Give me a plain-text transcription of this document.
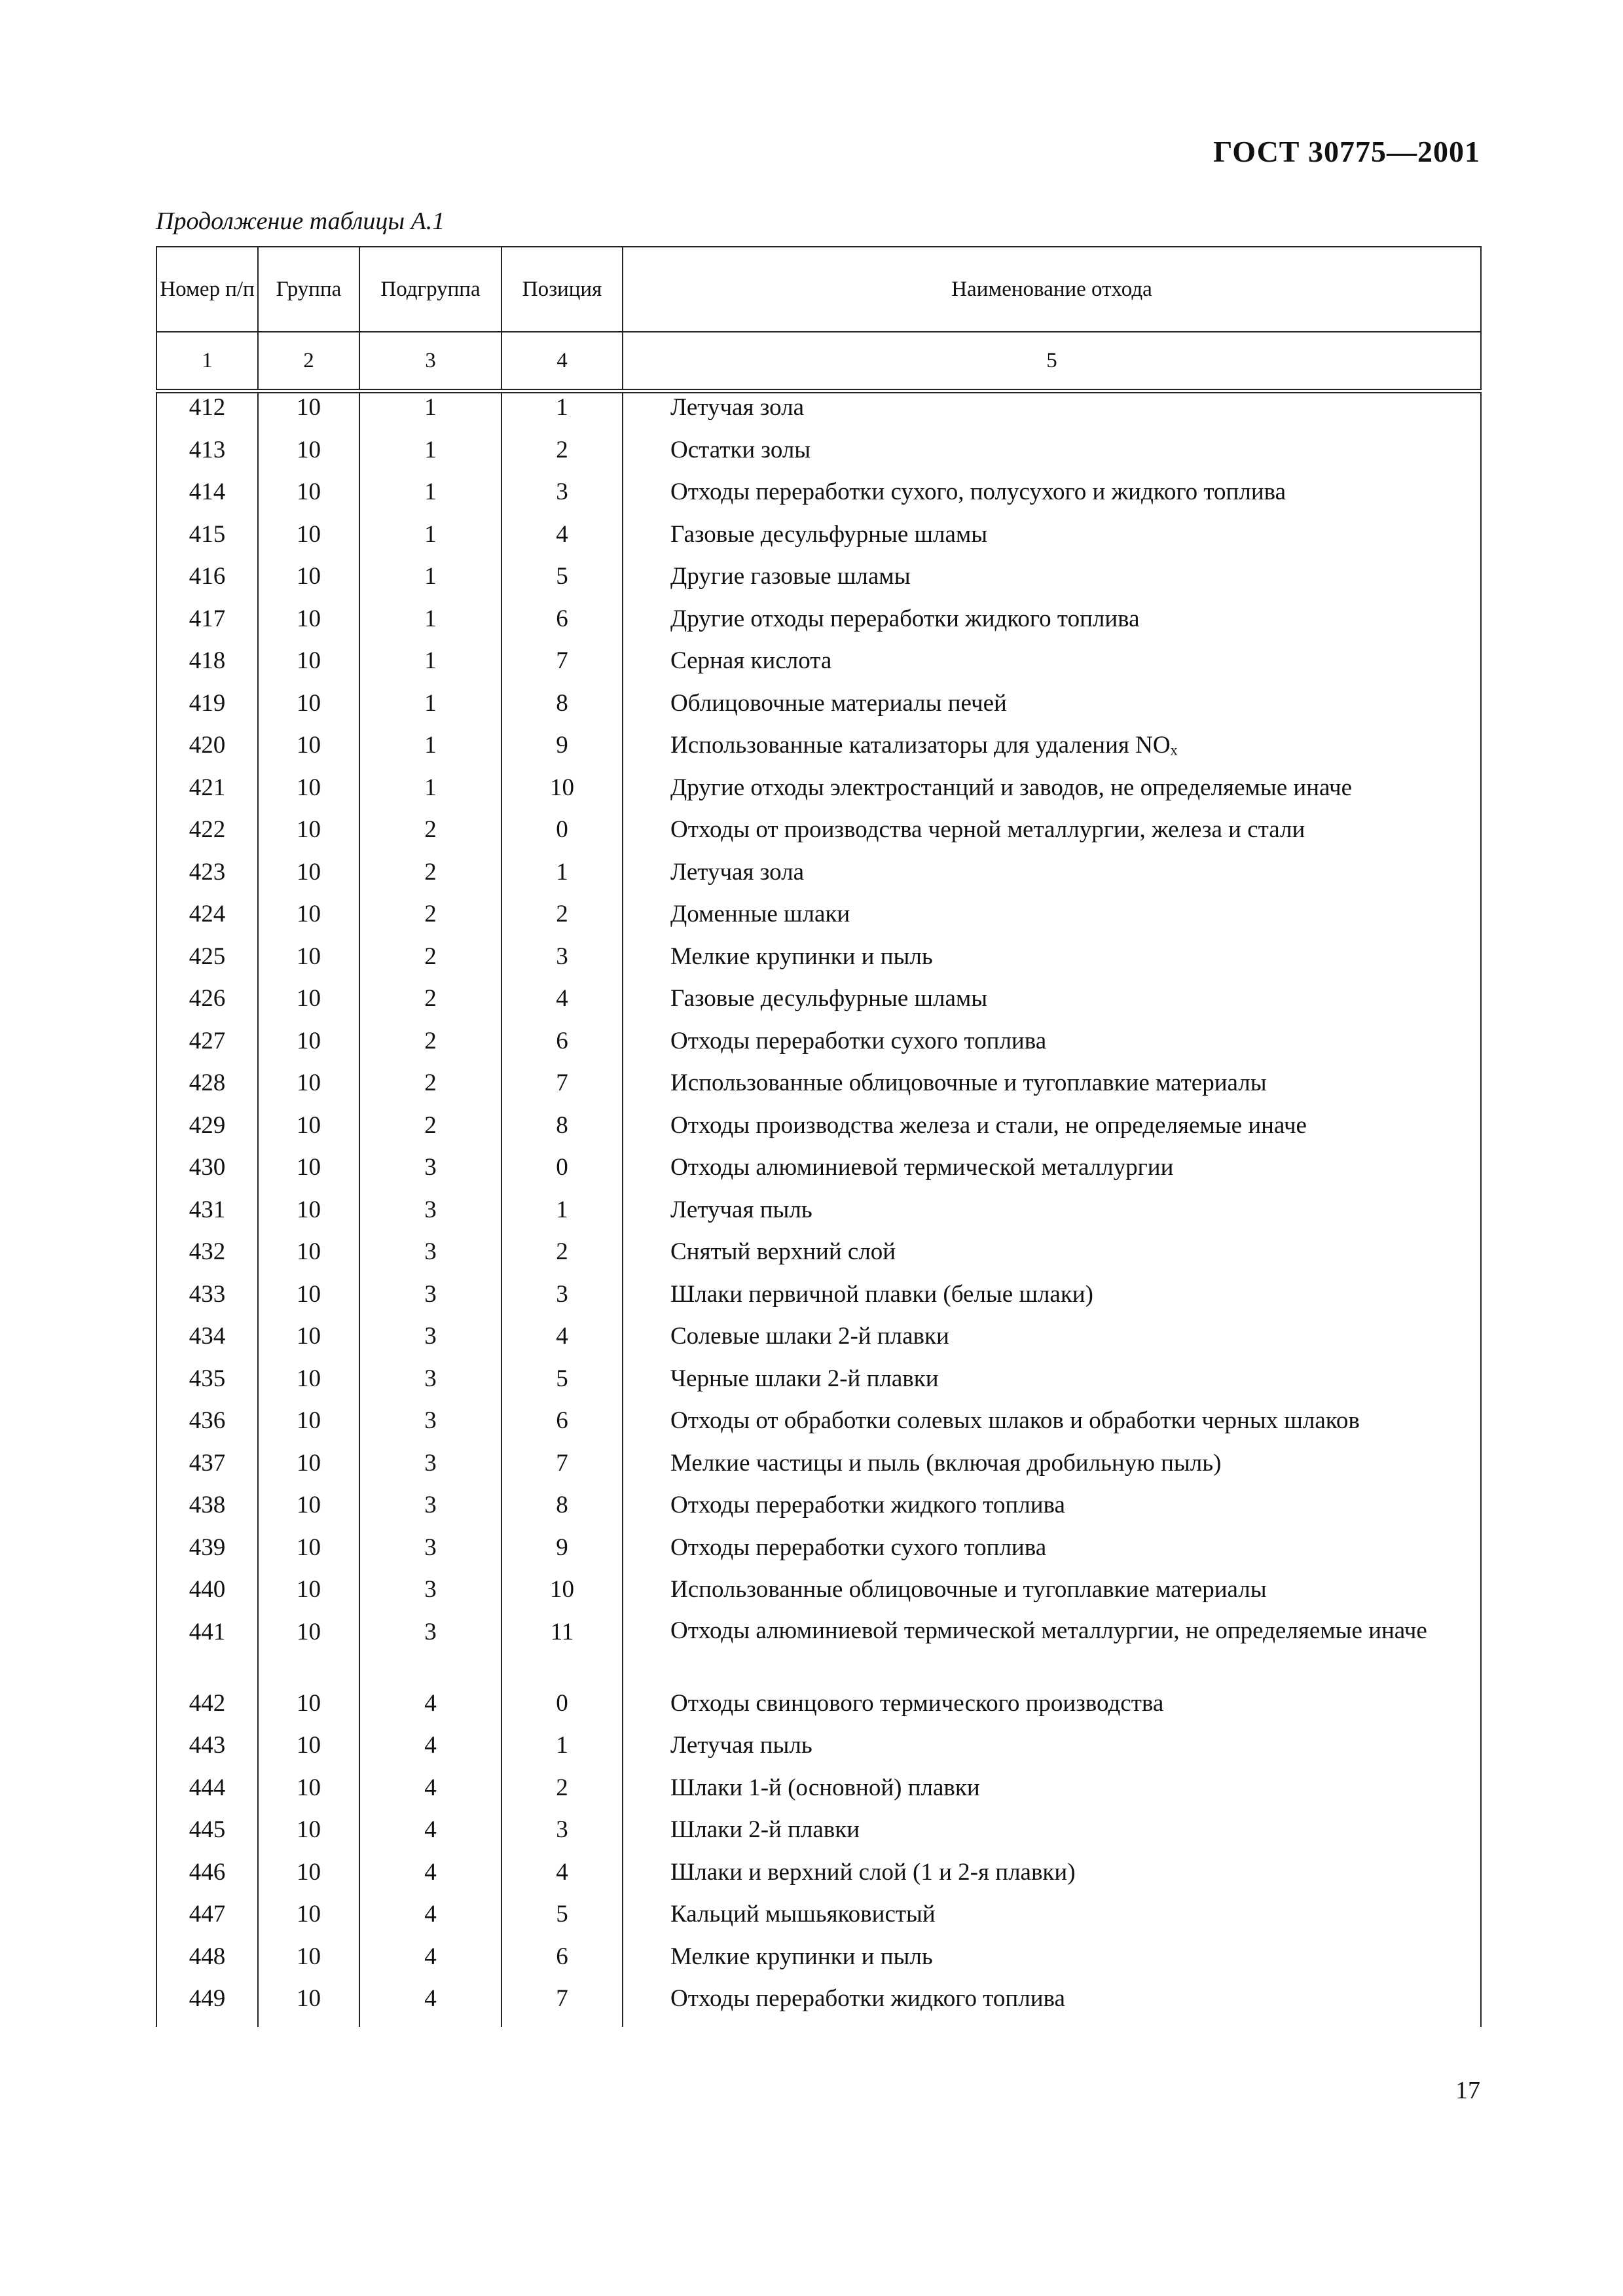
ГОСТ 30775—2001
Продолжение таблицы А.1
Номер п/п	Группа	Подгруппа	Позиция	Наименование отхода
1	2	3	4	5
412	10	1	1	Летучая зола
413	10	1	2	Остатки золы
414	10	1	3	Отходы переработки сухого, полусухого и жидкого топлива
415	10	1	4	Газовые десульфурные шламы
416	10	1	5	Другие газовые шламы
417	10	1	6	Другие отходы переработки жидкого топлива
418	10	1	7	Серная кислота
419	10	1	8	Облицовочные материалы печей
420	10	1	9	Использованные катализаторы для удаления NOₓ
421	10	1	10	Другие отходы электростанций и заводов, не определяемые иначе
422	10	2	0	Отходы от производства черной металлургии, железа и стали
423	10	2	1	Летучая зола
424	10	2	2	Доменные шлаки
425	10	2	3	Мелкие крупинки и пыль
426	10	2	4	Газовые десульфурные шламы
427	10	2	6	Отходы переработки сухого топлива
428	10	2	7	Использованные облицовочные и тугоплавкие материалы
429	10	2	8	Отходы производства железа и стали, не определяемые иначе
430	10	3	0	Отходы алюминиевой термической металлургии
431	10	3	1	Летучая пыль
432	10	3	2	Снятый верхний слой
433	10	3	3	Шлаки первичной плавки (белые шлаки)
434	10	3	4	Солевые шлаки 2-й плавки
435	10	3	5	Черные шлаки 2-й плавки
436	10	3	6	Отходы от обработки солевых шлаков и обработки черных шлаков
437	10	3	7	Мелкие частицы и пыль (включая дробильную пыль)
438	10	3	8	Отходы переработки жидкого топлива
439	10	3	9	Отходы переработки сухого топлива
440	10	3	10	Использованные облицовочные и тугоплавкие материалы
441	10	3	11	Отходы алюминиевой термической металлургии, не определяемые иначе
442	10	4	0	Отходы свинцового термического производства
443	10	4	1	Летучая пыль
444	10	4	2	Шлаки 1-й (основной) плавки
445	10	4	3	Шлаки 2-й плавки
446	10	4	4	Шлаки и верхний слой (1 и 2-я плавки)
447	10	4	5	Кальций мышьяковистый
448	10	4	6	Мелкие крупинки и пыль
449	10	4	7	Отходы переработки жидкого топлива
17
